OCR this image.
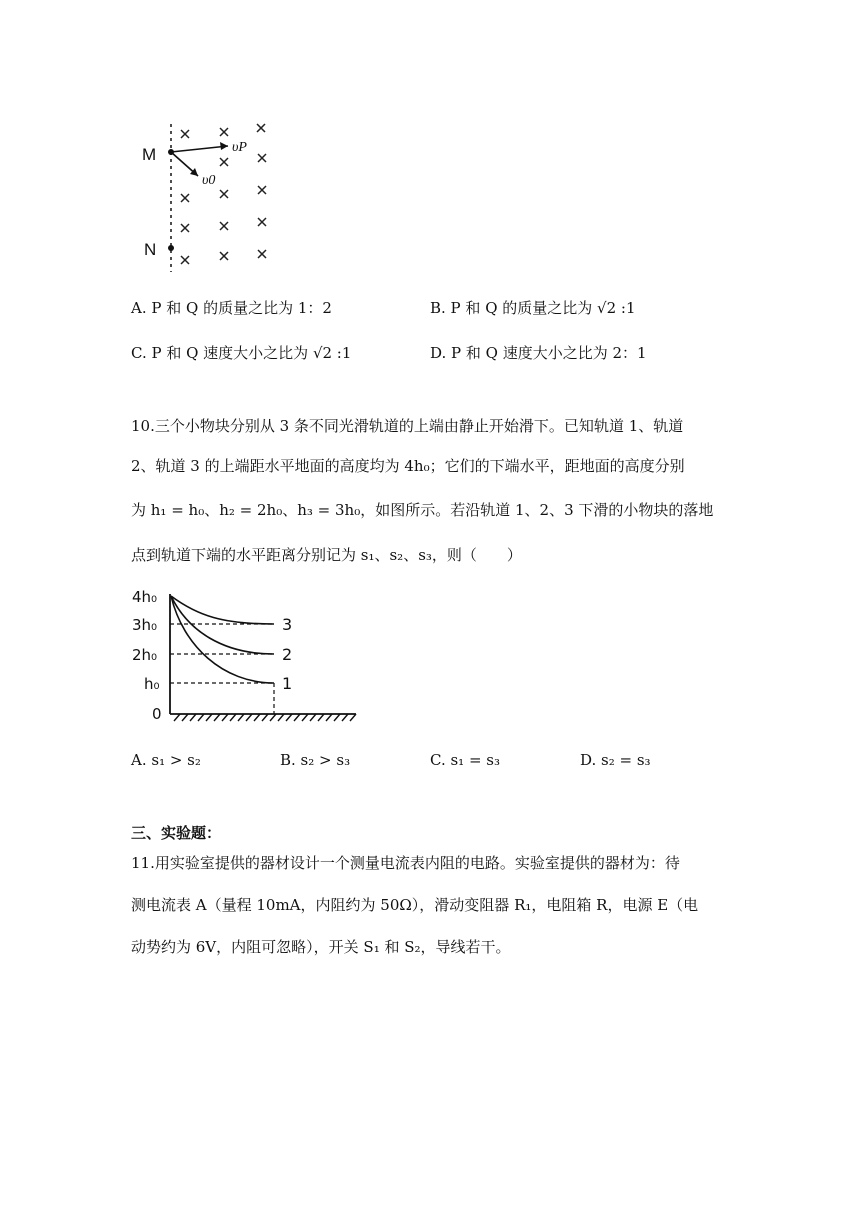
M
N
υP
υ0
A. P 和 Q 的质量之比为 1：2	B. P 和 Q 的质量之比为 √2 :1
C. P 和 Q 速度大小之比为 √2 :1	D. P 和 Q 速度大小之比为 2：1
10.三个小物块分别从 3 条不同光滑轨道的上端由静止开始滑下。已知轨道 1、轨道
2、轨道 3 的上端距水平地面的高度均为 4h₀；它们的下端水平，距地面的高度分别
为 h₁ = h₀、h₂ = 2h₀、h₃ = 3h₀，如图所示。若沿轨道 1、2、3 下滑的小物块的落地
点到轨道下端的水平距离分别记为 s₁、s₂、s₃，则（　　）
4h₀
3h₀
2h₀
h₀
0
3
2
1
A. s₁ > s₂	B. s₂ > s₃	C. s₁ = s₃	D. s₂ = s₃
三、实验题：
11.用实验室提供的器材设计一个测量电流表内阻的电路。实验室提供的器材为：待
测电流表 A（量程 10mA，内阻约为 50Ω），滑动变阻器 R₁，电阻箱 R，电源 E（电
动势约为 6V，内阻可忽略），开关 S₁ 和 S₂，导线若干。
